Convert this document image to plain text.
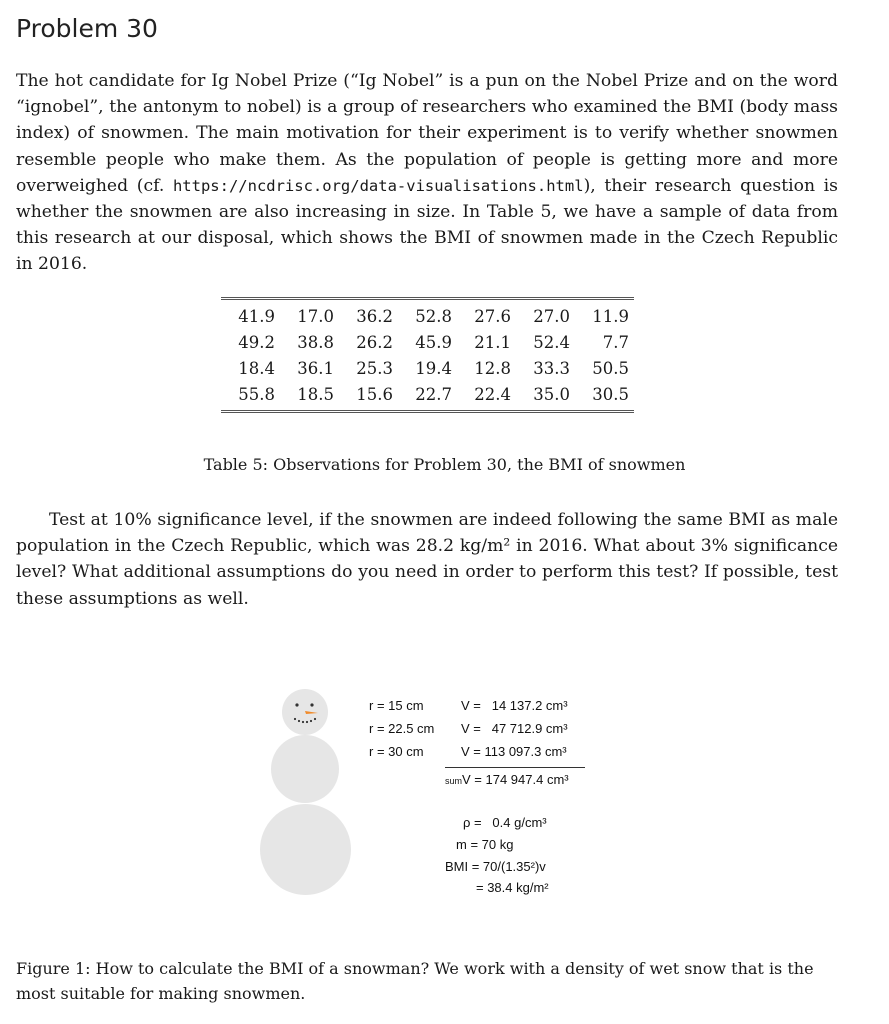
Problem 30
The hot candidate for Ig Nobel Prize (“Ig Nobel” is a pun on the Nobel Prize and on the word “ignobel”, the antonym to nobel) is a group of researchers who examined the BMI (body mass index) of snowmen. The main motivation for their experiment is to verify whether snowmen resemble people who make them. As the population of people is getting more and more overweighed (cf. https://ncdrisc.org/data-visualisations.html), their research question is whether the snowmen are also increasing in size. In Table 5, we have a sample of data from this research at our disposal, which shows the BMI of snowmen made in the Czech Republic in 2016.
41.9	17.0	36.2	52.8	27.6	27.0	11.9
49.2	38.8	26.2	45.9	21.1	52.4	7.7
18.4	36.1	25.3	19.4	12.8	33.3	50.5
55.8	18.5	15.6	22.7	22.4	35.0	30.5
Table 5: Observations for Problem 30, the BMI of snowmen
Test at 10% significance level, if the snowmen are indeed following the same BMI as male population in the Czech Republic, which was 28.2 kg/m² in 2016. What about 3% significance level? What additional assumptions do you need in order to perform this test? If possible, test these assumptions as well.
r = 15 cm
r = 22.5 cm
r = 30 cm
V =   14 137.2 cm³
V =   47 712.9 cm³
V = 113 097.3 cm³
sumV = 174 947.4 cm³
ρ =   0.4 g/cm³
m = 70 kg
BMI = 70/(1.35²)v
= 38.4 kg/m²
Figure 1: How to calculate the BMI of a snowman? We work with a density of wet snow that is the most suitable for making snowmen.
